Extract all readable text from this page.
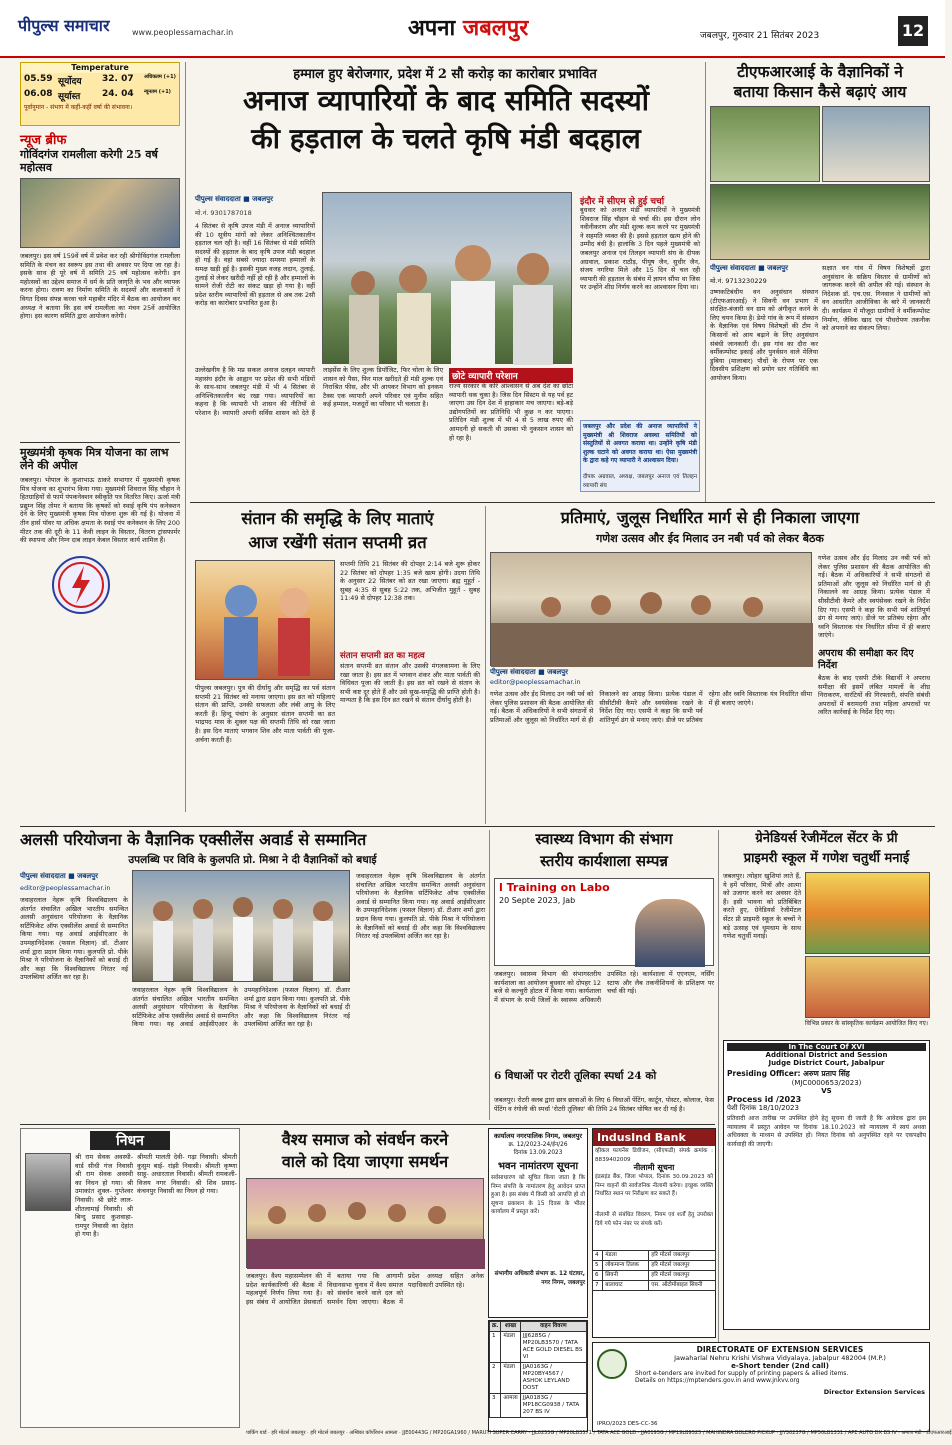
पीपुल्स समाचार	www.peoplessamachar.in	अपना जबलपुर	जबलपुर, गुरुवार 21 सितंबर 2023	12
Temperature
05.59 सूर्योदय	32. 07	अधिकतम (+1)
06.08 सूर्यास्त	24. 04	न्यूनतम (+1)
पूर्वानुमान - संभाग में कहीं-कहीं वर्षा की संभावना।
न्यूज ब्रीफ
गोविंदगंज रामलीला करेगी 25 वर्ष महोत्सव
जबलपुर। इस वर्ष 159वें वर्ष में प्रवेश कर रही श्रीगोविंदगंज रामलीला समिति के मंचन का स्वरूप इस तथा की अवसर पर दिया जा रहा है। इसके साथ ही पूरे वर्ष में समिति 25 वर्ष महोत्सव करेगी। इन महोत्सवों का उद्देश्य समाज में धर्म के प्रति जागृति के भव और व्यापक करना होगा। रावण का निर्माण समिति के सदस्यों और कलाकारों ने विगत दिवस संपन्न करवा चले महाबीर मंदिर में बैठक का आयोजन कर अध्यक्ष ने बताया कि इस वर्ष रामलीला का मंचन 25वें आयोजित होगा। इस कारण समिति द्वारा आयोजन करेगी।
मुख्यमंत्री कृषक मित्र योजना का लाभ लेने की अपील
जबलपुर। भोपाल के कुशाभाऊ ठाकरे सभागार में मुख्यमंत्री कृषक मित्र योजना का शुभारंभ किया गया। मुख्यमंत्री शिवराज सिंह चौहान ने हितग्राहियों से फार्म पंपकनेक्शन स्वीकृति पत्र वितरित किए। ऊर्जा मंत्री प्रद्युम्न सिंह तोमर ने बताया कि कृषकों को स्थाई कृषि पंप कनेक्शन देने के लिए मुख्यमंत्री कृषक मित्र योजना शुरू की गई है। योजना में तीन हार्स पॉवर या अधिक क्षमता के स्थाई पंप कनेक्शन के लिए 200 मीटर तक की दूरी के 11 केवी लाइन के विस्तार, वितरण ट्रांसफार्मर की स्थापना और निम्न दाब लाइन केबल विस्तार कार्य शामिल हैं।
हम्माल हुए बेरोजगार, प्रदेश में 2 सौ करोड़ का कारोबार प्रभावित
अनाज व्यापारियों के बाद समिति सदस्यों
की हड़ताल के चलते कृषि मंडी बदहाल
पीपुल्स संवाददाता ■ जबलपुर
मो.नं. 9301787018
4 सितंबर से कृषि उपज मंडी में अनाज व्यापारियों की 10 सूत्रीय मांगों को लेकर अनिश्चितकालीन हड़ताल चल रही है। वहीं 16 सितंबर से मंडी समिति सदस्यों की हड़ताल के बाद कृषि उपज मंडी बदहाल हो गई है। वहां सबसे ज्यादा समस्या हम्मालों के समक्ष खड़ी हुई है। इसकी मुख्य वजह लदान, तुलाई, तुलाई से लेकर खरीदी नहीं हो रही है और हम्मालों के सामने रोजी रोटी का संकट खड़ा हो गया है। वहीं प्रदेश स्तरीय व्यापारियों की हड़ताल से अब तक 2सौ करोड़ का कारोबार प्रभावित हुआ है।
उल्लेखनीय है कि मप्र सकल अनाज दलहन व्यापारी महासंघ इंदौर के आह्वान पर प्रदेश की सभी मंडियों के साथ-साथ जबलपुर मंडी में भी 4 सितंबर से अनिश्चितकालीन बंद रखा गया। व्यापारियों का कहना है कि व्यापारी भी शासन की नीतियों से परेशान है। व्यापारी अपनी सर्विस शासन को देते हैं लाइसेंस के लिए शुल्क डिपॉजिट, फिर चोला के लिए शासन को पैसा, फिर माल खरीदते ही मंडी शुल्क एवं निराश्रित फीस, और भी आयकर विभाग को इनकम टैक्स एक व्यापारी अपने परिवार एवं मुनीम सहित कई हम्माल, मजदूरों का परिवार भी चलाता है।
छोटे व्यापारी परेशान
राज्य सरकार के कोरे आश्वासन से अब देश का छोटा व्यापारी थक चुका है। जिस दिन सिस्टम से यह पर्व हट जाएगा उस दिन देश में हाहाकार मच जाएगा। बड़े-बड़े उद्योगपतियों का प्रतिनिधि भी कुछ न कर पाएगा। प्रतिदिन मंडी शुल्क में भी 4 से 5 लाख रुपए की आमदनी हो सकती थी उसका भी नुकसान शासन को हो रहा है।
इंदौर में सीएम से हुई चर्चा
बुधवार को अनाज मंडी व्यापारियों ने मुख्यमंत्री शिवराज सिंह चौहान से चर्चा की। इस दौरान लोन नवीनीकरण और मंडी शुल्क कम करने पर मुख्यमंत्री ने सहमति व्यक्त की है। इससे हड़ताल खत्म होने की उम्मीद बंधी है। हालांकि 3 दिन पहले मुख्यमंत्री को जबलपुर अनाज एवं तिलहन व्यापारी संघ के दीपक अग्रवाल, प्रकाश राठौड़, पीयूष जैन, सुधीर जैन, संजय नगरिया मिले और 15 दिन से चल रही व्यापारी की हड़ताल के संबंध में ज्ञापन सौंपा था जिस पर उन्होंने शीघ्र निर्णय करने का आश्वासन दिया था।
जबलपुर और प्रदेश की अनाज व्यापारियों ने मुख्यमंत्री श्री शिवराज अवस्था समितियों को संस्तुतियों से अवगत कराया था। उन्होंने कृषि मंडी शुल्क घटाने को अवगत कराया था। ऐसा मुख्यमंत्री के द्वारा कहे गए व्यापारी ने आश्वासन दिया।
दीपक अग्रवाल, अध्यक्ष, जबलपुर अनाज एवं तिलहन व्यापारी संघ
टीएफआरआई के वैज्ञानिकों ने
बताया किसान कैसे बढ़ाएं आय
पीपुल्स संवाददाता ■ जबलपुर
मो.नं. 9713230229
उष्णकटिबंधीय वन अनुसंधान संस्थान (टीएफआरआई) ने सिवनी वन प्रभाग में संरक्षित-बंजारी वन ग्राम को अंगीकृत करने के लिए चयन किया है। डेमो गांव के रूप में संस्थान के वैज्ञानिक एवं विषय विशेषज्ञों की टीम ने किसानों को आय बढ़ाने के लिए अनुसंधान संबंधी जानकारी दी। इस गांव का दौरा कर वर्मीकम्पोस्ट इकाई और पुनर्वसन वाले मेलिया डुबिया (मालाबार) पौधों के रोपण पर एक दिवसीय प्रशिक्षण को प्रयोग स्तर गतिविधि का आयोजन किया।
सक्षात वन गांव में विषय विशेषज्ञों द्वारा अनुसंधान के सक्रिय विस्तार से ग्रामीणों को जागरूक करने की अपील की गई। संस्थान के निदेशक डॉ. एच.एस. गिनवाल ने ग्रामीणों को वन आधारित आजीविका के बारे में जानकारी दी। कार्यक्रम में मौजूदा ग्रामीणों ने वर्मीकम्पोस्ट निर्माण, जैविक खाद एवं पौधरोपण तकनीक को अपनाने का संकल्प लिया।
संतान की समृद्धि के लिए माताएं
आज रखेंगी संतान सप्तमी व्रत
सप्तमी तिथि 21 सितंबर की दोपहर 2:14 बजे शुरू होकर 22 सितंबर को दोपहर 1:35 बजे खत्म होगी। उदया तिथि के अनुसार 22 सितंबर को व्रत रखा जाएगा। ब्रह्म मुहूर्त - सुबह 4:35 से सुबह 5:22 तक, अभिजीत मुहूर्त - सुबह 11:49 से दोपहर 12:38 तक।
संतान सप्तमी व्रत का महत्व
संतान सप्तमी व्रत संतान और उसकी मंगलकामना के लिए रखा जाता है। इस व्रत में भगवान शंकर और माता पार्वती की विधिवत पूजा की जाती है। इस व्रत को रखने से संतान के सभी कष्ट दूर होते हैं और उसे सुख-समृद्धि की प्राप्ति होती है। मान्यता है कि इस दिन व्रत रखने से संतान दीर्घायु होती है।
पीपुल्स जबलपुर। पुत्र की दीर्घायु और समृद्धि का पर्व संतान सप्तमी 21 सितंबर को मनाया जाएगा। इस व्रत को महिलाएं संतान की प्राप्ति, उनकी सफलता और लंबी आयु के लिए करती हैं। हिन्दू पंचांग के अनुसार संतान सप्तमी का व्रत भाद्रपद मास के शुक्ल पक्ष की सप्तमी तिथि को रखा जाता है। इस दिन माताएं भगवान शिव और माता पार्वती की पूजा-अर्चना करती हैं।
प्रतिमाएं, जुलूस निर्धारित मार्ग से ही निकाला जाएगा
गणेश उत्सव और ईद मिलाद उन नबी पर्व को लेकर बैठक
पीपुल्स संवाददाता ■ जबलपुर
editor@peoplessamachar.in
गणेश उत्सव और ईद मिलाद उन नबी पर्व को लेकर पुलिस प्रशासन की बैठक आयोजित की गई। बैठक में अधिकारियों ने सभी संगठनों से प्रतिमाओं और जुलूस को निर्धारित मार्ग से ही निकालने का आग्रह किया। प्रत्येक पंडाल में सीसीटीवी कैमरे और स्वयंसेवक रखने के निर्देश दिए गए। एसपी ने कहा कि सभी पर्व शांतिपूर्ण ढंग से मनाए जाएं। डीजे पर प्रतिबंध रहेगा और ध्वनि विस्तारक यंत्र निर्धारित सीमा में ही बजाए जाएंगे।
गणेश उत्सव और ईद मिलाद उन नबी पर्व को लेकर पुलिस प्रशासन की बैठक आयोजित की गई। बैठक में अधिकारियों ने सभी संगठनों से प्रतिमाओं और जुलूस को निर्धारित मार्ग से ही निकालने का आग्रह किया। प्रत्येक पंडाल में सीसीटीवी कैमरे और स्वयंसेवक रखने के निर्देश दिए गए। एसपी ने कहा कि सभी पर्व शांतिपूर्ण ढंग से मनाए जाएं। डीजे पर प्रतिबंध रहेगा और ध्वनि विस्तारक यंत्र निर्धारित सीमा में ही बजाए जाएंगे।
अपराध की समीक्षा कर दिए निर्देश
बैठक के बाद एसपी टीके विद्यार्थी ने अपराध समीक्षा की इसमें लंबित मामलों के शीघ्र निराकरण, वारंटियों की गिरफ्तारी, संपत्ति संबंधी अपराधों में बरामदगी तथा महिला अपराधों पर त्वरित कार्रवाई के निर्देश दिए गए।
अलसी परियोजना के वैज्ञानिक एक्सीलेंस अवार्ड से सम्मानित
उपलब्धि पर विवि के कुलपति प्रो. मिश्रा ने दी वैज्ञानिकों को बधाई
पीपुल्स संवाददाता ■ जबलपुर
editor@peoplessamachar.in
जवाहरलाल नेहरू कृषि विश्वविद्यालय के अंतर्गत संचालित अखिल भारतीय समन्वित अलसी अनुसंधान परियोजना के वैज्ञानिक सर्टिफिकेट ऑफ एक्सीलेंस अवार्ड से सम्मानित किया गया। यह अवार्ड आईसीएआर के उपमहानिदेशक (फसल विज्ञान) डॉ. टीआर शर्मा द्वारा प्रदान किया गया। कुलपति प्रो. पीके मिश्रा ने परियोजना के वैज्ञानिकों को बधाई दी और कहा कि विश्वविद्यालय निरंतर नई उपलब्धियां अर्जित कर रहा है।
जवाहरलाल नेहरू कृषि विश्वविद्यालय के अंतर्गत संचालित अखिल भारतीय समन्वित अलसी अनुसंधान परियोजना के वैज्ञानिक सर्टिफिकेट ऑफ एक्सीलेंस अवार्ड से सम्मानित किया गया। यह अवार्ड आईसीएआर के उपमहानिदेशक (फसल विज्ञान) डॉ. टीआर शर्मा द्वारा प्रदान किया गया। कुलपति प्रो. पीके मिश्रा ने परियोजना के वैज्ञानिकों को बधाई दी और कहा कि विश्वविद्यालय निरंतर नई उपलब्धियां अर्जित कर रहा है।
जवाहरलाल नेहरू कृषि विश्वविद्यालय के अंतर्गत संचालित अखिल भारतीय समन्वित अलसी अनुसंधान परियोजना के वैज्ञानिक सर्टिफिकेट ऑफ एक्सीलेंस अवार्ड से सम्मानित किया गया। यह अवार्ड आईसीएआर के उपमहानिदेशक (फसल विज्ञान) डॉ. टीआर शर्मा द्वारा प्रदान किया गया। कुलपति प्रो. पीके मिश्रा ने परियोजना के वैज्ञानिकों को बधाई दी और कहा कि विश्वविद्यालय निरंतर नई उपलब्धियां अर्जित कर रहा है।
स्वास्थ्य विभाग की संभाग
स्तरीय कार्यशाला सम्पन्न
l Training on Labo
20 Septe 2023, Jab
जबलपुर। स्वास्थ्य विभाग की संभागस्तरीय कार्यशाला का आयोजन बुधवार को दोपहर 12 बजे से कल्चुरी होटल में किया गया। कार्यशाला में संभाग के सभी जिलों के स्वास्थ्य अधिकारी उपस्थित रहे। कार्यशाला में एएनएम, नर्सिंग स्टाफ और लैब तकनीशियनों के प्रशिक्षण पर चर्चा की गई।
6 विधाओं पर रोटरी तूलिका स्पर्धा 24 को
जबलपुर। रोटरी क्लब द्वारा छात्र छात्राओं के लिए 6 विधाओं पेंटिंग, कार्टून, पोस्टर, कोलाज, फेस पेंटिंग व रंगोली की स्पर्धा 'रोटरी तूलिका' की तिथि 24 सितंबर घोषित कर दी गई है।
ग्रेनेडियर्स रेजीमेंटल सेंटर के प्री
प्राइमरी स्कूल में गणेश चतुर्थी मनाई
जबलपुर। त्योहार खुशियां लाते हैं, ये हमें परिवार, मित्रों और आत्मा को उजागर करने का अवसर देते हैं। इसी भावना को प्रतिबिंबित करते हुए, ग्रेनेडियर्स रेजीमेंटल सेंटर प्री प्राइमरी स्कूल के बच्चों ने बड़े उत्साह एवं धूमधाम के साथ गणेश चतुर्थी मनाई।
विभिन्न प्रकार के सांस्कृतिक कार्यक्रम आयोजित किए गए।
In The Court Of XVI
Additional District and Session
Judge District Court, Jabalpur
Presiding Officer: अरुण प्रताप सिंह
(MJC0000653/2023)
VS
Process id /2023
पेशी दिनांक 18/10/2023
प्रतिवादी आज तारीख पर उपस्थित होने हेतु सूचना दी जाती है कि आवेदक द्वारा इस न्यायालय में प्रस्तुत आवेदन पर दिनांक 18.10.2023 को न्यायालय में स्वयं अथवा अधिवक्ता के माध्यम से उपस्थित हों। नियत दिनांक को अनुपस्थित रहने पर एकपक्षीय कार्यवाही की जाएगी।
DIRECTORATE OF EXTENSION SERVICES
Jawaharlal Nehru Krishi Vishwa Vidyalaya, Jabalpur 482004 (M.P.)
e-Short tender (2nd call)
Short e-tenders are invited for supply of printing papers & allied items.
Details on https://mptenders.gov.in and www.jnkvv.org
Director Extension Services
IPRO/2023 DES-CC-36
निधन
श्री राम सेवक अवस्थी- वार्ड सीधी गंज निवासी श्री राम सेवक अवस्थी का निधन हो गया। श्री उमाकांत शुक्ल- गुप्तेश्वर निवासी। श्री छोटे लाल- शीतलामाई निवासी। श्री बिन्दु प्रसाद कुशवाहा- रामपुर निवासी का देहांत हो गया है।
श्रीमती मालती देवी- गढ़ा निवासी। श्रीमती कुसुम बाई- रांझी निवासी। श्रीमती कृष्णा साहू- अधारताल निवासी। श्रीमती रामकली- विजय नगर निवासी। श्री शिव प्रसाद- कंचनपुर निवासी का निधन हो गया।
वैश्य समाज को संवर्धन करने
वाले को दिया जाएगा समर्थन
जबलपुर। वैश्य महासम्मेलन की प्रदेश कार्यकारिणी की बैठक में महत्वपूर्ण निर्णय लिया गया है। इस संबंध में आयोजित प्रेसवार्ता में बताया गया कि आगामी विधानसभा चुनाव में वैश्य समाज को संवर्धन करने वाले दल को समर्थन दिया जाएगा। बैठक में प्रदेश अध्यक्ष सहित अनेक पदाधिकारी उपस्थित रहे।
कार्यालय नगरपालिक निगम, जबलपुर
क्र. 12/2023-24/ईन/26
दिनांक 13.09.2023
भवन नामांतरण सूचना
सर्वसाधारण को सूचित किया जाता है कि निम्न संपत्ति के नामांतरण हेतु आवेदन प्राप्त हुआ है। इस संबंध में किसी को आपत्ति हो तो सूचना प्रकाशन के 15 दिवस के भीतर कार्यालय में प्रस्तुत करें।
संभागीय अधिकारी संभाग क्र. 12 घंटाघर, नगर निगम, जबलपुर
IndusInd Bank
व्हीकल फायनेंस डिवीजन, (सीएफडी) संपर्क क्रमांक : 8839402009
नीलामी सूचना
इंडसइंड बैंक, जिला भोपाल, दिनांक 30.09.2023 को निम्न वाहनों की सार्वजनिक नीलामी करेगा। इच्छुक व्यक्ति निर्धारित स्थान पर निरीक्षण कर सकते हैं।
नीलामी से संबंधित विवरण, नियम एवं शर्तों हेतु उपरोक्त दिये गये फोन नंबर पर संपर्क करें।
क्र.	शाखा	वाहन विवरण
1	मंडला	JJJ6285G / MP20LB3570 / TATA ACE GOLD DIESEL BS VI
2	मंडला	JJA0163G / MP20BY4567 / ASHOK LEYLAND DOST
3	आमला	JJA0183G / MP18CG0938 / TATA 207 BS IV
4	मंडला	हरि मोटर्स जबलपुर
5	लोकमान्य तिलक	हरि मोटर्स जबलपुर
6	सिवनी	हरि मोटर्स जबलपुर
7	बालाघाट	एस. ऑटोमोबाइल सिवनी
पार्किंग यार्ड · हरि मोटर्स जबलपुर · हरि मोटर्स जबलपुर · अम्बिका कॉर्पोरेशन आमला · JJE00443G / MP20GA1960 / MARUTI SUPER CARRY · JJL0255G / MP20LB3571 / TATA ACE GOLD · JJA0195G / MP19LB9525 / MAHINDRA BOLERO PICKUP · JJY30237G / MP50LB1331 / APE AUTO DX BS IV · अनाज मंडी · टीएफआरआई
